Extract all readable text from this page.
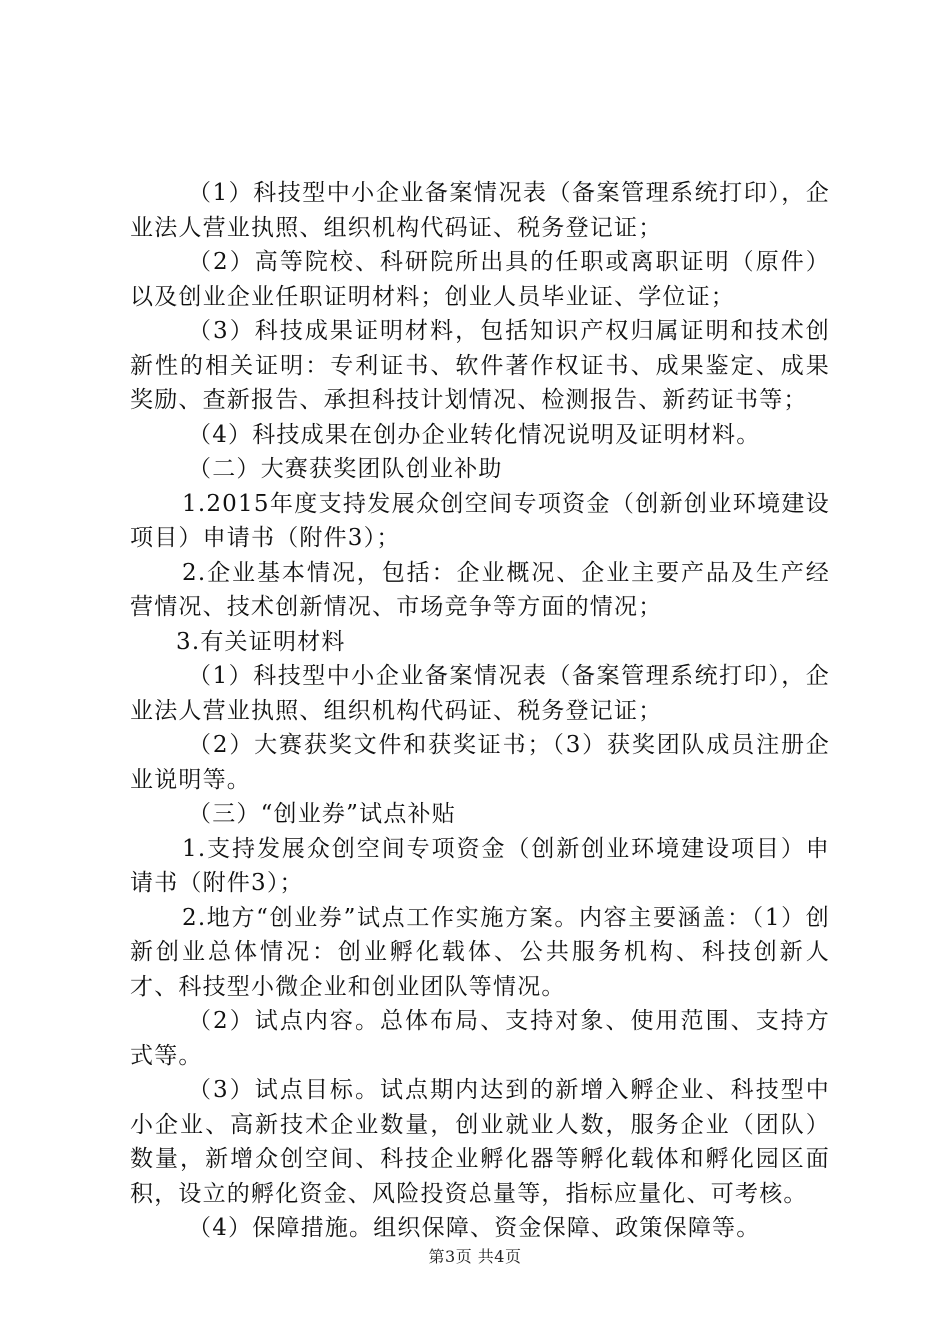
（1）科技型中小企业备案情况表（备案管理系统打印），企业法人营业执照、组织机构代码证、税务登记证；

（2）高等院校、科研院所出具的任职或离职证明（原件）以及创业企业任职证明材料；创业人员毕业证、学位证；

（3）科技成果证明材料，包括知识产权归属证明和技术创新性的相关证明：专利证书、软件著作权证书、成果鉴定、成果奖励、查新报告、承担科技计划情况、检测报告、新药证书等；

（4）科技成果在创办企业转化情况说明及证明材料。

（二）大赛获奖团队创业补助

1.2015年度支持发展众创空间专项资金（创新创业环境建设项目）申请书（附件3）；

2.企业基本情况，包括：企业概况、企业主要产品及生产经营情况、技术创新情况、市场竞争等方面的情况；

3.有关证明材料

（1）科技型中小企业备案情况表（备案管理系统打印），企业法人营业执照、组织机构代码证、税务登记证；

（2）大赛获奖文件和获奖证书；（3）获奖团队成员注册企业说明等。

（三）“创业券”试点补贴

1.支持发展众创空间专项资金（创新创业环境建设项目）申请书（附件3）；

2.地方“创业券”试点工作实施方案。内容主要涵盖：（1）创新创业总体情况：创业孵化载体、公共服务机构、科技创新人才、科技型小微企业和创业团队等情况。

（2）试点内容。总体布局、支持对象、使用范围、支持方式等。

（3）试点目标。试点期内达到的新增入孵企业、科技型中小企业、高新技术企业数量，创业就业人数，服务企业（团队）数量，新增众创空间、科技企业孵化器等孵化载体和孵化园区面积，设立的孵化资金、风险投资总量等，指标应量化、可考核。

（4）保障措施。组织保障、资金保障、政策保障等。

第3页 共4页
